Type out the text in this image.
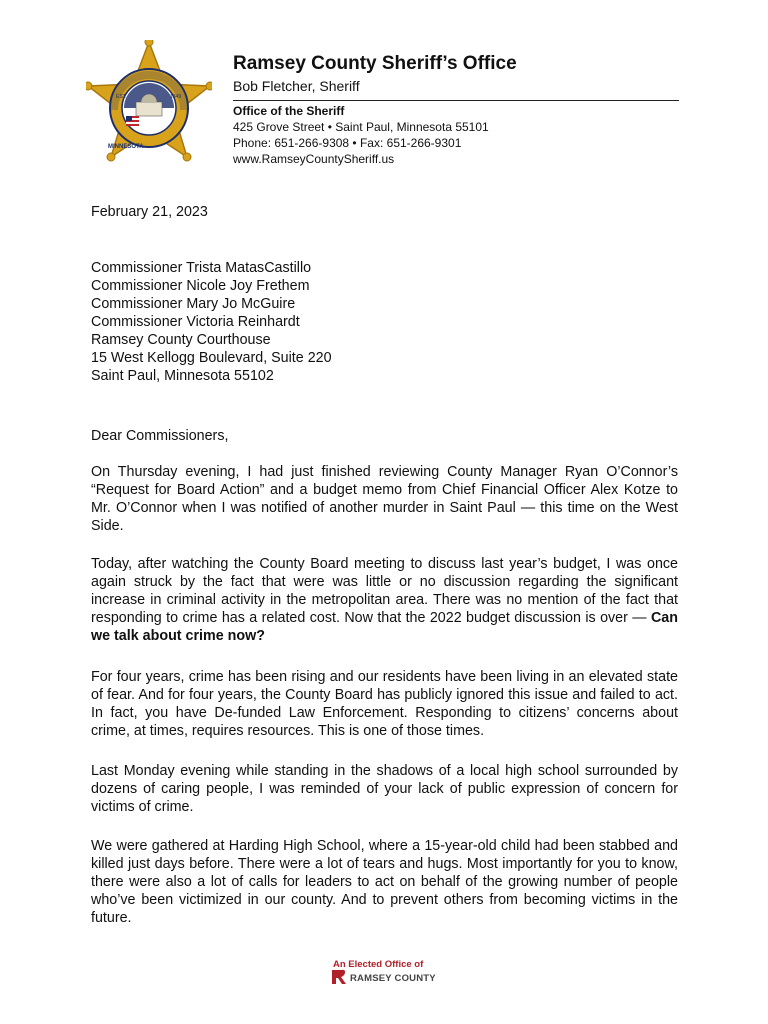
MINNESOTA
EST.	1849
Ramsey County Sheriff’s Office
Bob Fletcher, Sheriff
Office of the Sheriff
425 Grove Street • Saint Paul, Minnesota 55101
Phone: 651-266-9308 • Fax: 651-266-9301
www.RamseyCountySheriff.us
February 21, 2023
Commissioner Trista MatasCastillo
Commissioner Nicole Joy Frethem
Commissioner Mary Jo McGuire
Commissioner Victoria Reinhardt
Ramsey County Courthouse
15 West Kellogg Boulevard, Suite 220
Saint Paul, Minnesota 55102
Dear Commissioners,
On Thursday evening, I had just finished reviewing County Manager Ryan O’Connor’s “Request for Board Action” and a budget memo from Chief Financial Officer Alex Kotze to Mr. O’Connor when I was notified of another murder in Saint Paul — this time on the West Side.
Today, after watching the County Board meeting to discuss last year’s budget, I was once again struck by the fact that were was little or no discussion regarding the significant increase in criminal activity in the metropolitan area. There was no mention of the fact that responding to crime has a related cost. Now that the 2022 budget discussion is over — Can we talk about crime now?
For four years, crime has been rising and our residents have been living in an elevated state of fear. And for four years, the County Board has publicly ignored this issue and failed to act. In fact, you have De-funded Law Enforcement. Responding to citizens’ concerns about crime, at times, requires resources. This is one of those times.
Last Monday evening while standing in the shadows of a local high school surrounded by dozens of caring people, I was reminded of your lack of public expression of concern for victims of crime.
We were gathered at Harding High School, where a 15-year-old child had been stabbed and killed just days before. There were a lot of tears and hugs. Most importantly for you to know, there were also a lot of calls for leaders to act on behalf of the growing number of people who’ve been victimized in our county. And to prevent others from becoming victims in the future.
An Elected Office of
RAMSEY COUNTY
